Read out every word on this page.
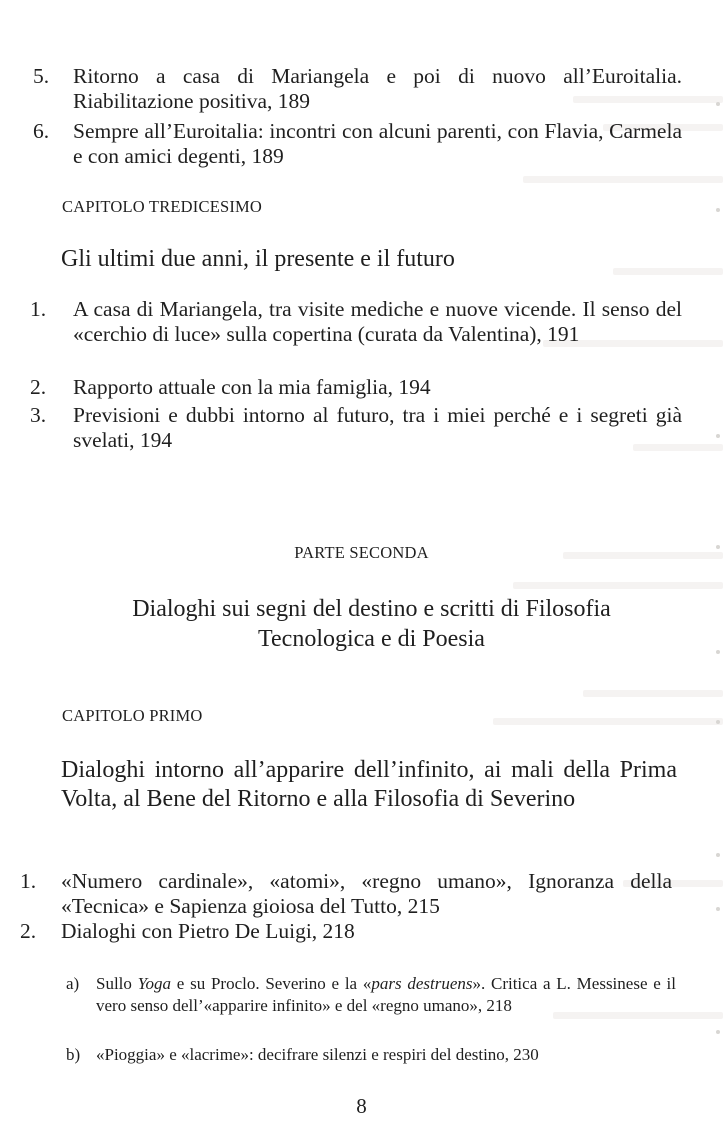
5. Ritorno a casa di Mariangela e poi di nuovo all’Euroitalia. Riabilitazione positiva, 189
6. Sempre all’Euroitalia: incontri con alcuni parenti, con Flavia, Carmela e con amici degenti, 189
CAPITOLO TREDICESIMO
Gli ultimi due anni, il presente e il futuro
1. A casa di Mariangela, tra visite mediche e nuove vicende. Il senso del «cerchio di luce» sulla copertina (curata da Valentina), 191
2. Rapporto attuale con la mia famiglia, 194
3. Previsioni e dubbi intorno al futuro, tra i miei perché e i segreti già svelati, 194
PARTE SECONDA
Dialoghi sui segni del destino e scritti di Filosofia
Tecnologica e di Poesia
CAPITOLO PRIMO
Dialoghi intorno all’apparire dell’infinito, ai mali della Prima Volta, al Bene del Ritorno e alla Filosofia di Severino
1. «Numero cardinale», «atomi», «regno umano», Ignoranza della «Tecnica» e Sapienza gioiosa del Tutto, 215
2. Dialoghi con Pietro De Luigi, 218
a) Sullo Yoga e su Proclo. Severino e la «pars destruens». Critica a L. Messinese e il vero senso dell’«apparire infinito» e del «regno umano», 218
b) «Pioggia» e «lacrime»: decifrare silenzi e respiri del destino, 230
8
